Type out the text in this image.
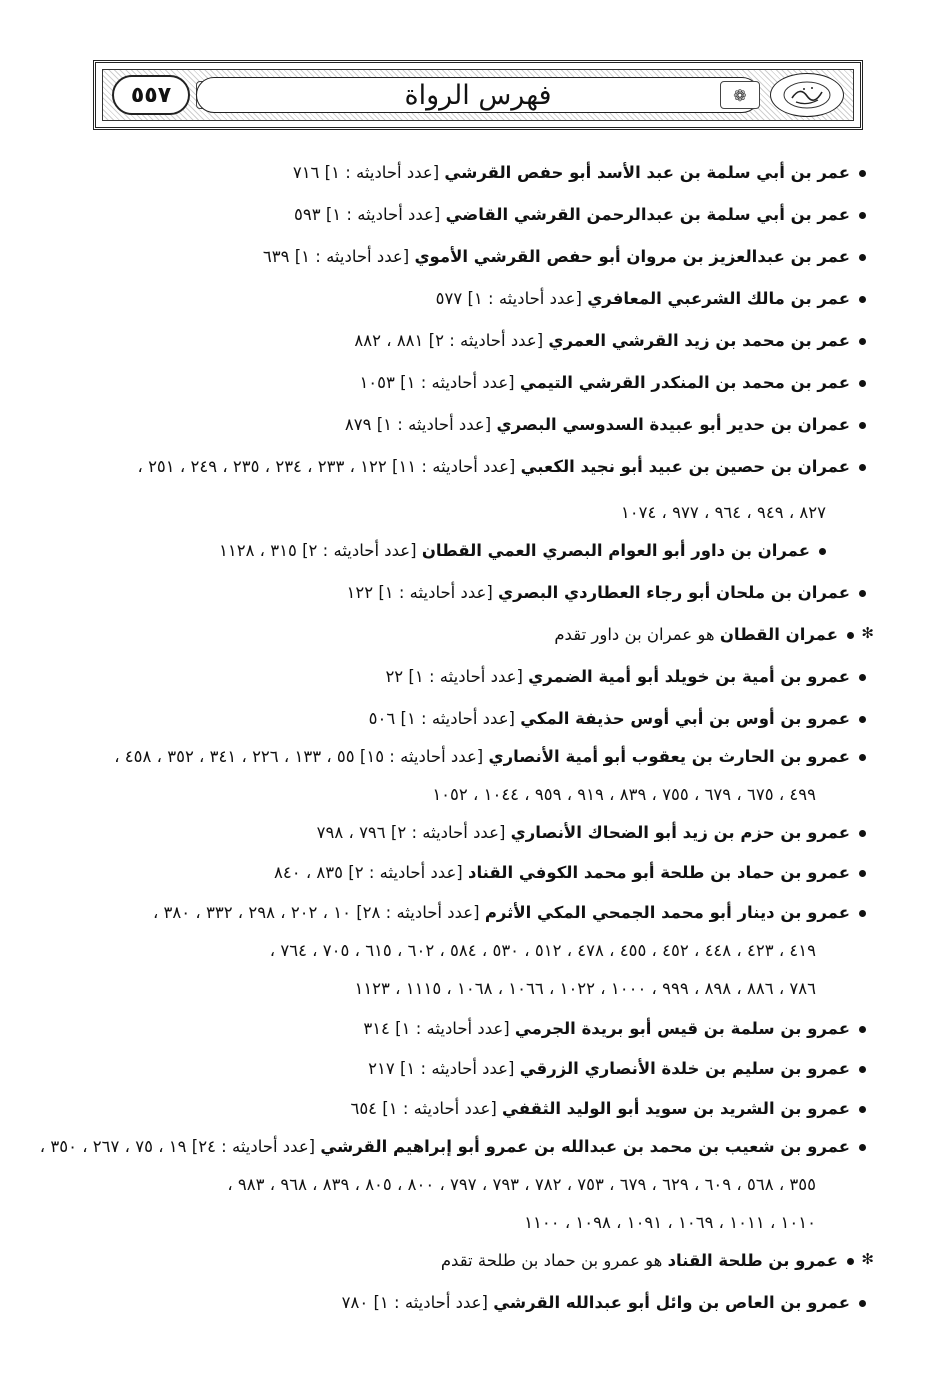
٥٥٧	فهرس الرواة	❁
عمر بن أبي سلمة بن عبد الأسد أبو حفص القرشي [عدد أحاديثه : ١] ٧١٦
عمر بن أبي سلمة بن عبدالرحمن القرشي القاضي [عدد أحاديثه : ١] ٥٩٣
عمر بن عبدالعزيز بن مروان أبو حفص القرشي الأموي [عدد أحاديثه : ١] ٦٣٩
عمر بن مالك الشرعبي المعافري [عدد أحاديثه : ١] ٥٧٧
عمر بن محمد بن زيد القرشي العمري [عدد أحاديثه : ٢] ٨٨١ ، ٨٨٢
عمر بن محمد بن المنكدر القرشي التيمي [عدد أحاديثه : ١] ١٠٥٣
عمران بن حدير أبو عبيدة السدوسي البصري [عدد أحاديثه : ١] ٨٧٩
عمران بن حصين بن عبيد أبو نجيد الكعبي [عدد أحاديثه : ١١] ١٢٢ ، ٢٣٣ ، ٢٣٤ ، ٢٣٥ ، ٢٤٩ ، ٢٥١ ،
٨٢٧ ، ٩٤٩ ، ٩٦٤ ، ٩٧٧ ، ١٠٧٤
عمران بن داور أبو العوام البصري العمي القطان [عدد أحاديثه : ٢] ٣١٥ ، ١١٢٨
عمران بن ملحان أبو رجاء العطاردي البصري [عدد أحاديثه : ١] ١٢٢
✻
عمران القطان هو عمران بن داور تقدم
عمرو بن أمية بن خويلد أبو أمية الضمري [عدد أحاديثه : ١] ٢٢
عمرو بن أوس بن أبي أوس حذيفة المكي [عدد أحاديثه : ١] ٥٠٦
عمرو بن الحارث بن يعقوب أبو أمية الأنصاري [عدد أحاديثه : ١٥] ٥٥ ، ١٣٣ ، ٢٢٦ ، ٣٤١ ، ٣٥٢ ، ٤٥٨ ،
٤٩٩ ، ٦٧٥ ، ٦٧٩ ، ٧٥٥ ، ٨٣٩ ، ٩١٩ ، ٩٥٩ ، ١٠٤٤ ، ١٠٥٢
عمرو بن حزم بن زيد أبو الضحاك الأنصاري [عدد أحاديثه : ٢] ٧٩٦ ، ٧٩٨
عمرو بن حماد بن طلحة أبو محمد الكوفي القناد [عدد أحاديثه : ٢] ٨٣٥ ، ٨٤٠
عمرو بن دينار أبو محمد الجمحي المكي الأثرم [عدد أحاديثه : ٢٨] ١٠ ، ٢٠٢ ، ٢٩٨ ، ٣٣٢ ، ٣٨٠ ،
٤١٩ ، ٤٢٣ ، ٤٤٨ ، ٤٥٢ ، ٤٥٥ ، ٤٧٨ ، ٥١٢ ، ٥٣٠ ، ٥٨٤ ، ٦٠٢ ، ٦١٥ ، ٧٠٥ ، ٧٦٤ ،
٧٨٦ ، ٨٨٦ ، ٨٩٨ ، ٩٩٩ ، ١٠٠٠ ، ١٠٢٢ ، ١٠٦٦ ، ١٠٦٨ ، ١١١٥ ، ١١٢٣
عمرو بن سلمة بن قيس أبو بريدة الجرمي [عدد أحاديثه : ١] ٣١٤
عمرو بن سليم بن خلدة الأنصاري الزرقي [عدد أحاديثه : ١] ٢١٧
عمرو بن الشريد بن سويد أبو الوليد الثقفي [عدد أحاديثه : ١] ٦٥٤
عمرو بن شعيب بن محمد بن عبدالله بن عمرو أبو إبراهيم القرشي [عدد أحاديثه : ٢٤] ١٩ ، ٧٥ ، ٢٦٧ ، ٣٥٠ ،
٣٥٥ ، ٥٦٨ ، ٦٠٩ ، ٦٢٩ ، ٦٧٩ ، ٧٥٣ ، ٧٨٢ ، ٧٩٣ ، ٧٩٧ ، ٨٠٠ ، ٨٠٥ ، ٨٣٩ ، ٩٦٨ ، ٩٨٣ ،
١٠١٠ ، ١٠١١ ، ١٠٦٩ ، ١٠٩١ ، ١٠٩٨ ، ١١٠٠
✻
عمرو بن طلحة القناد هو عمرو بن حماد بن طلحة تقدم
عمرو بن العاص بن وائل أبو عبدالله القرشي [عدد أحاديثه : ١] ٧٨٠
